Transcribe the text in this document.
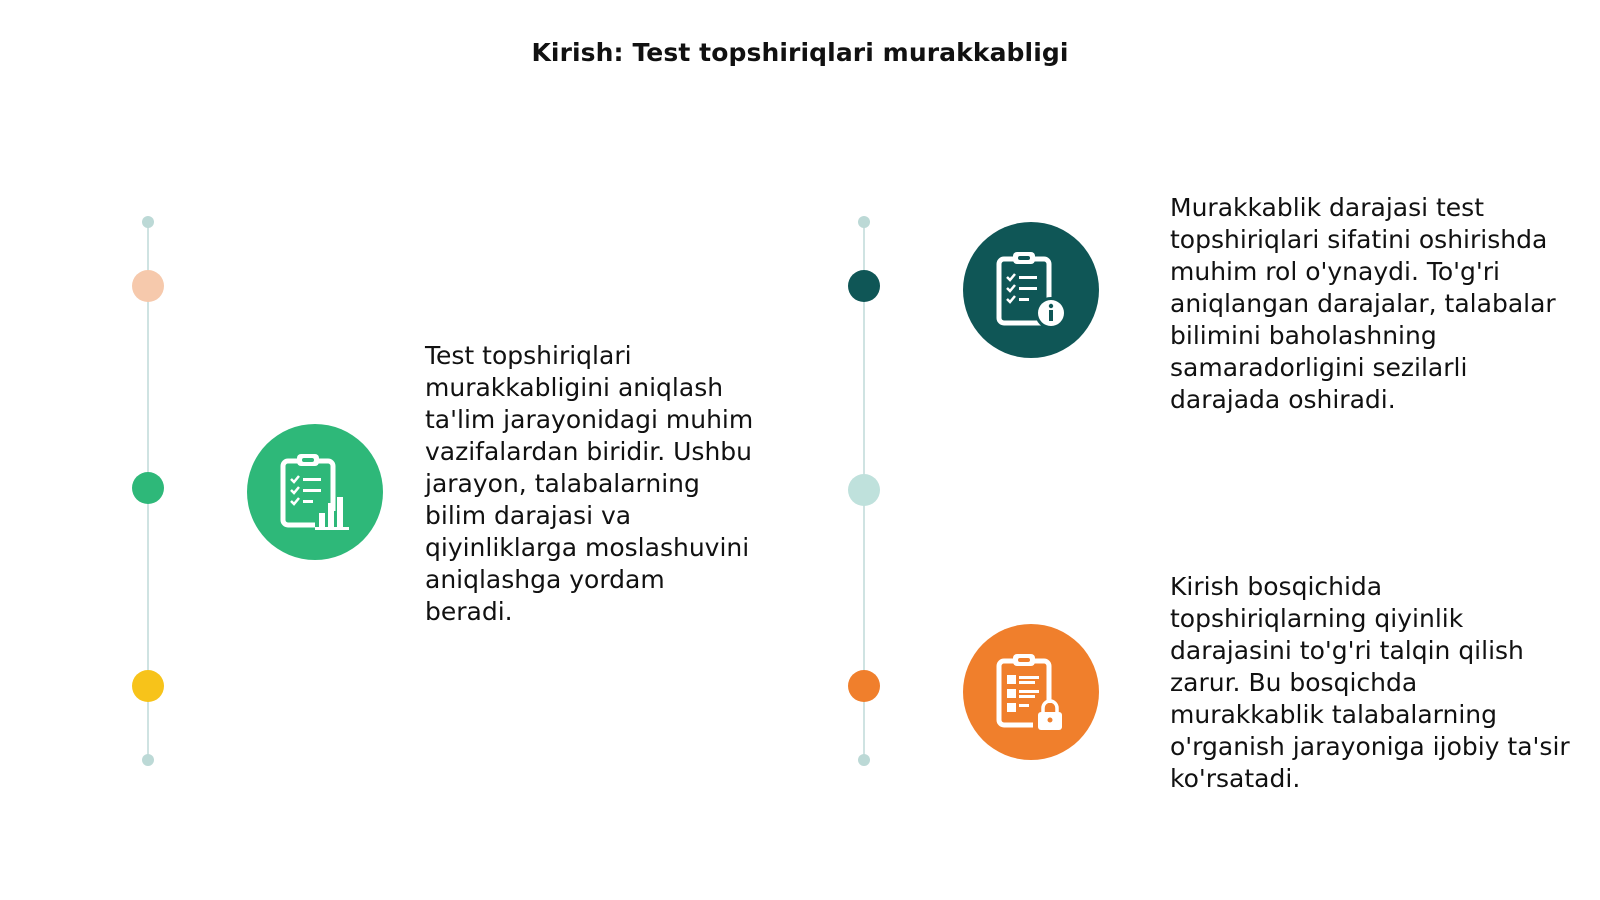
Kirish: Test topshiriqlari murakkabligi
Test topshiriqlari murakkabligini aniqlash ta'lim jarayonidagi muhim vazifalardan biridir. Ushbu jarayon, talabalarning bilim darajasi va qiyinliklarga moslashuvini aniqlashga yordam beradi.
Murakkablik darajasi test topshiriqlari sifatini oshirishda muhim rol o'ynaydi. To'g'ri aniqlangan darajalar, talabalar bilimini baholashning samaradorligini sezilarli darajada oshiradi.
Kirish bosqichida topshiriqlarning qiyinlik darajasini to'g'ri talqin qilish zarur. Bu bosqichda murakkablik talabalarning o'rganish jarayoniga ijobiy ta'sir ko'rsatadi.
